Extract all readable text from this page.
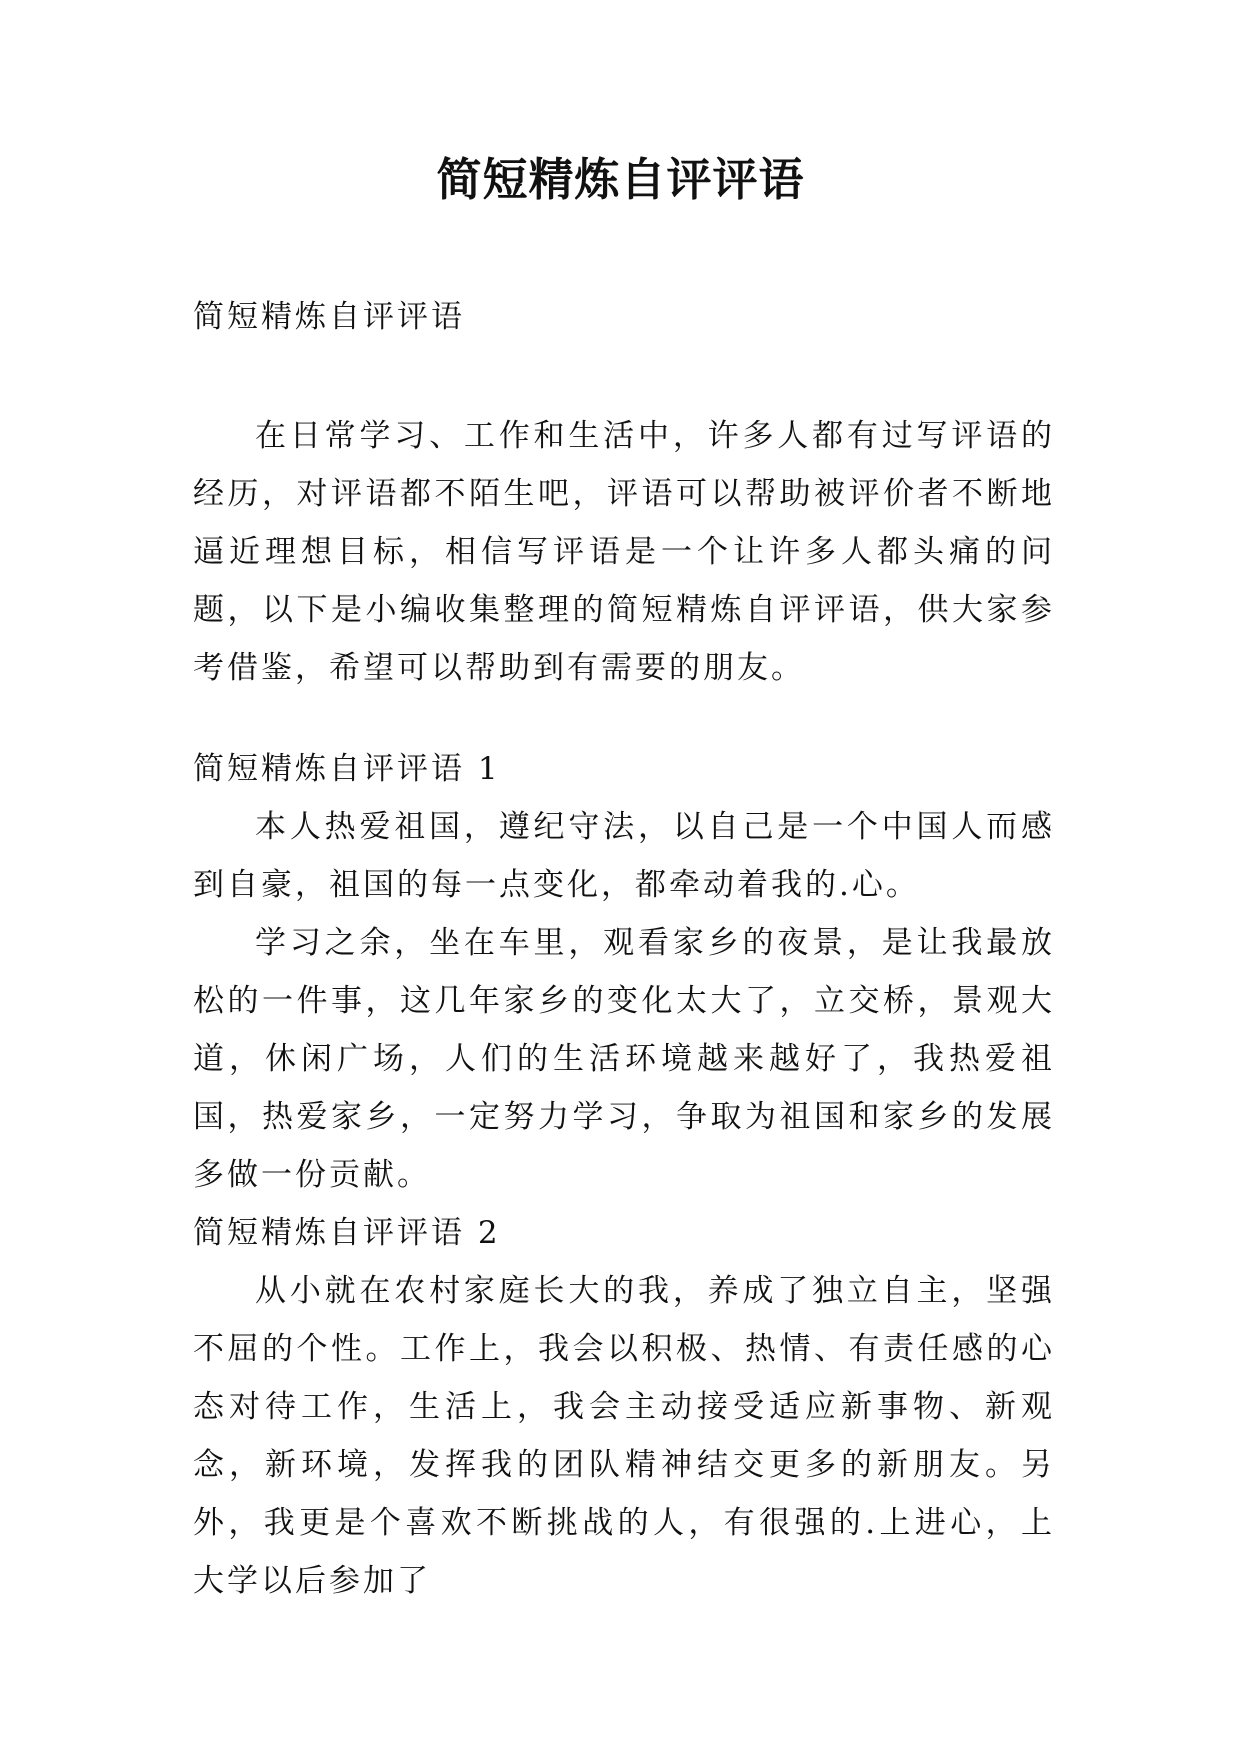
简短精炼自评评语
简短精炼自评评语

在日常学习、工作和生活中，许多人都有过写评语的经历，对评语都不陌生吧，评语可以帮助被评价者不断地逼近理想目标，相信写评语是一个让许多人都头痛的问题，以下是小编收集整理的简短精炼自评评语，供大家参考借鉴，希望可以帮助到有需要的朋友。

简短精炼自评评语 1

本人热爱祖国，遵纪守法，以自己是一个中国人而感到自豪，祖国的每一点变化，都牵动着我的.心。

学习之余，坐在车里，观看家乡的夜景，是让我最放松的一件事，这几年家乡的变化太大了，立交桥，景观大道，休闲广场，人们的生活环境越来越好了，我热爱祖国，热爱家乡，一定努力学习，争取为祖国和家乡的发展多做一份贡献。

简短精炼自评评语 2

从小就在农村家庭长大的我，养成了独立自主，坚强不屈的个性。工作上，我会以积极、热情、有责任感的心态对待工作，生活上，我会主动接受适应新事物、新观念，新环境，发挥我的团队精神结交更多的新朋友。另外，我更是个喜欢不断挑战的人，有很强的.上进心，上大学以后参加了
